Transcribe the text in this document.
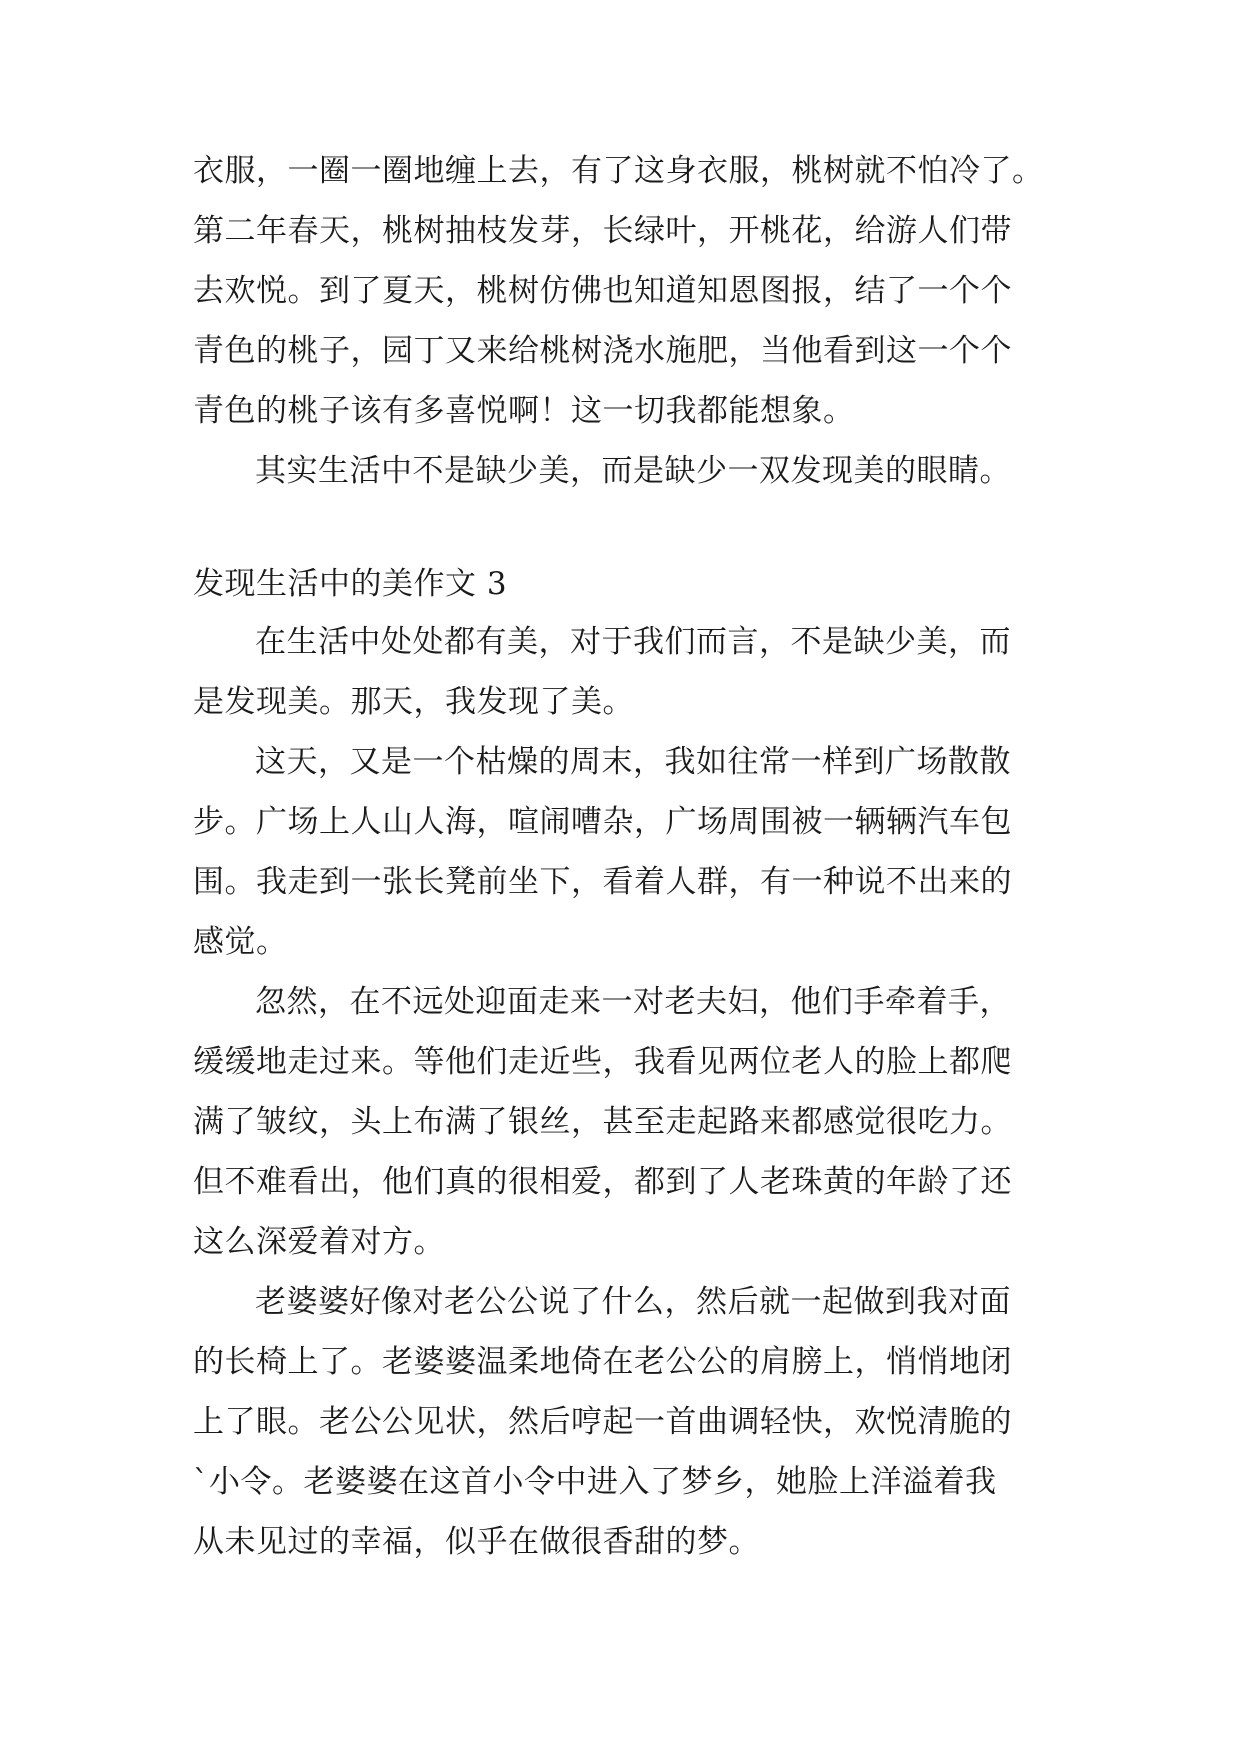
衣服，一圈一圈地缠上去，有了这身衣服，桃树就不怕冷了。
第二年春天，桃树抽枝发芽，长绿叶，开桃花，给游人们带
去欢悦。到了夏天，桃树仿佛也知道知恩图报，结了一个个
青色的桃子，园丁又来给桃树浇水施肥，当他看到这一个个
青色的桃子该有多喜悦啊！这一切我都能想象。
其实生活中不是缺少美，而是缺少一双发现美的眼睛。
发现生活中的美作文 3
在生活中处处都有美，对于我们而言，不是缺少美，而
是发现美。那天，我发现了美。
这天，又是一个枯燥的周末，我如往常一样到广场散散
步。广场上人山人海，喧闹嘈杂，广场周围被一辆辆汽车包
围。我走到一张长凳前坐下，看着人群，有一种说不出来的
感觉。
忽然，在不远处迎面走来一对老夫妇，他们手牵着手，
缓缓地走过来。等他们走近些，我看见两位老人的脸上都爬
满了皱纹，头上布满了银丝，甚至走起路来都感觉很吃力。
但不难看出，他们真的很相爱，都到了人老珠黄的年龄了还
这么深爱着对方。
老婆婆好像对老公公说了什么，然后就一起做到我对面
的长椅上了。老婆婆温柔地倚在老公公的肩膀上，悄悄地闭
上了眼。老公公见状，然后哼起一首曲调轻快，欢悦清脆的
`小令。老婆婆在这首小令中进入了梦乡，她脸上洋溢着我
从未见过的幸福，似乎在做很香甜的梦。
